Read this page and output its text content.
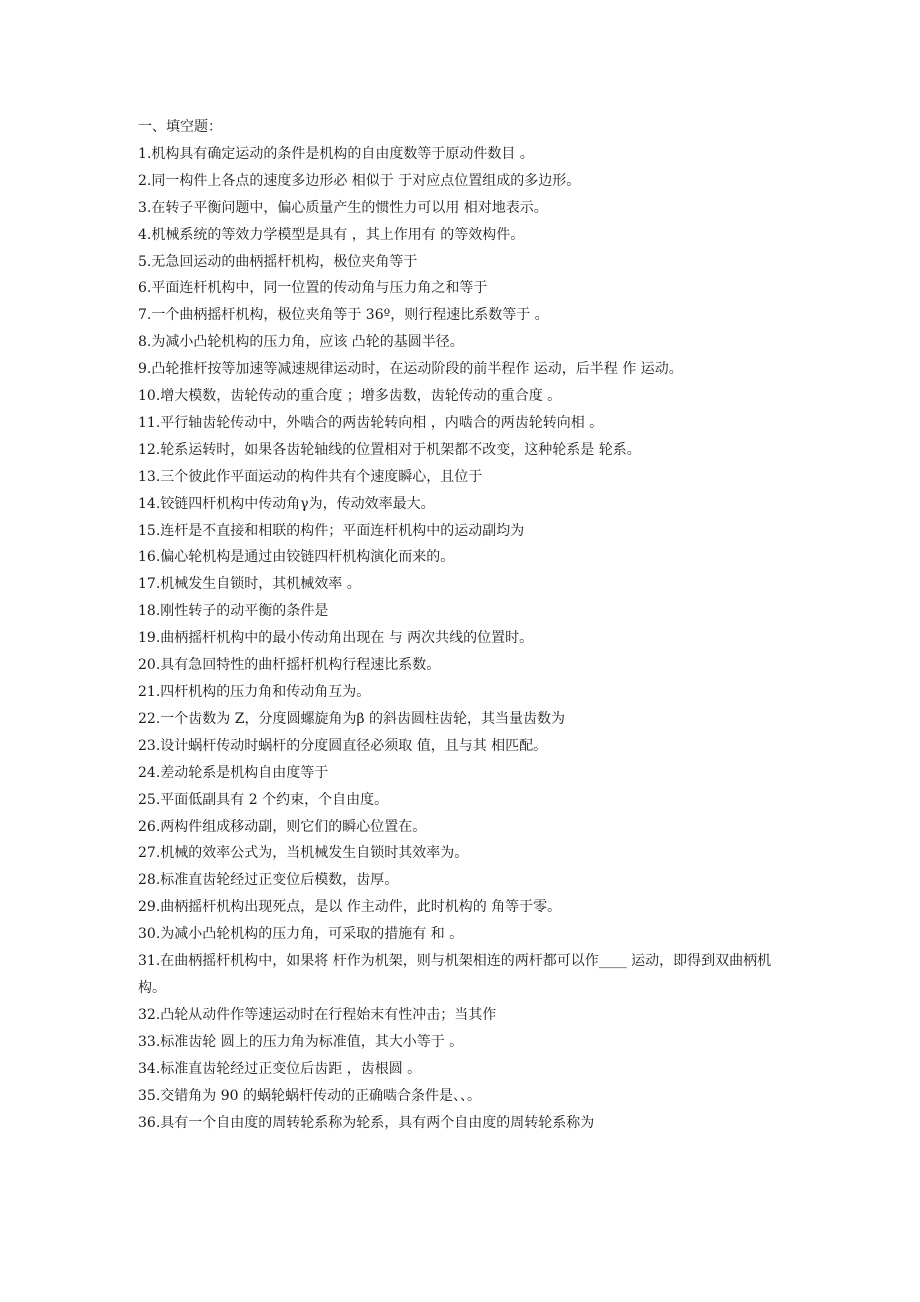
一、填空题：
1.机构具有确定运动的条件是机构的自由度数等于原动件数目 。
2.同一构件上各点的速度多边形必 相似于 于对应点位置组成的多边形。
3.在转子平衡问题中，偏心质量产生的惯性力可以用 相对地表示。
4.机械系统的等效力学模型是具有 ，其上作用有 的等效构件。
5.无急回运动的曲柄摇杆机构，极位夹角等于
6.平面连杆机构中，同一位置的传动角与压力角之和等于
7.一个曲柄摇杆机构，极位夹角等于 36º，则行程速比系数等于 。
8.为减小凸轮机构的压力角，应该 凸轮的基圆半径。
9.凸轮推杆按等加速等减速规律运动时，在运动阶段的前半程作 运动，后半程 作 运动。
10.增大模数，齿轮传动的重合度 ；增多齿数，齿轮传动的重合度 。
11.平行轴齿轮传动中，外啮合的两齿轮转向相 ，内啮合的两齿轮转向相 。
12.轮系运转时，如果各齿轮轴线的位置相对于机架都不改变，这种轮系是 轮系。
13.三个彼此作平面运动的构件共有个速度瞬心，且位于
14.铰链四杆机构中传动角γ为，传动效率最大。
15.连杆是不直接和相联的构件；平面连杆机构中的运动副均为
16.偏心轮机构是通过由铰链四杆机构演化而来的。
17.机械发生自锁时，其机械效率 。
18.刚性转子的动平衡的条件是
19.曲柄摇杆机构中的最小传动角出现在 与 两次共线的位置时。
20.具有急回特性的曲杆摇杆机构行程速比系数。
21.四杆机构的压力角和传动角互为。
22.一个齿数为 Z，分度圆螺旋角为β 的斜齿圆柱齿轮，其当量齿数为
23.设计蜗杆传动时蜗杆的分度圆直径必须取 值，且与其 相匹配。
24.差动轮系是机构自由度等于
25.平面低副具有 2 个约束，个自由度。
26.两构件组成移动副，则它们的瞬心位置在。
27.机械的效率公式为，当机械发生自锁时其效率为。
28.标准直齿轮经过正变位后模数，齿厚。
29.曲柄摇杆机构出现死点，是以 作主动件，此时机构的 角等于零。
30.为减小凸轮机构的压力角，可采取的措施有 和 。
31.在曲柄摇杆机构中，如果将 杆作为机架，则与机架相连的两杆都可以作____ 运动，即得到双曲柄机构。
32.凸轮从动件作等速运动时在行程始末有性冲击；当其作
33.标准齿轮 圆上的压力角为标准值，其大小等于 。
34.标准直齿轮经过正变位后齿距 ，齿根圆 。
35.交错角为 90 的蜗轮蜗杆传动的正确啮合条件是、、。
36.具有一个自由度的周转轮系称为轮系，具有两个自由度的周转轮系称为
